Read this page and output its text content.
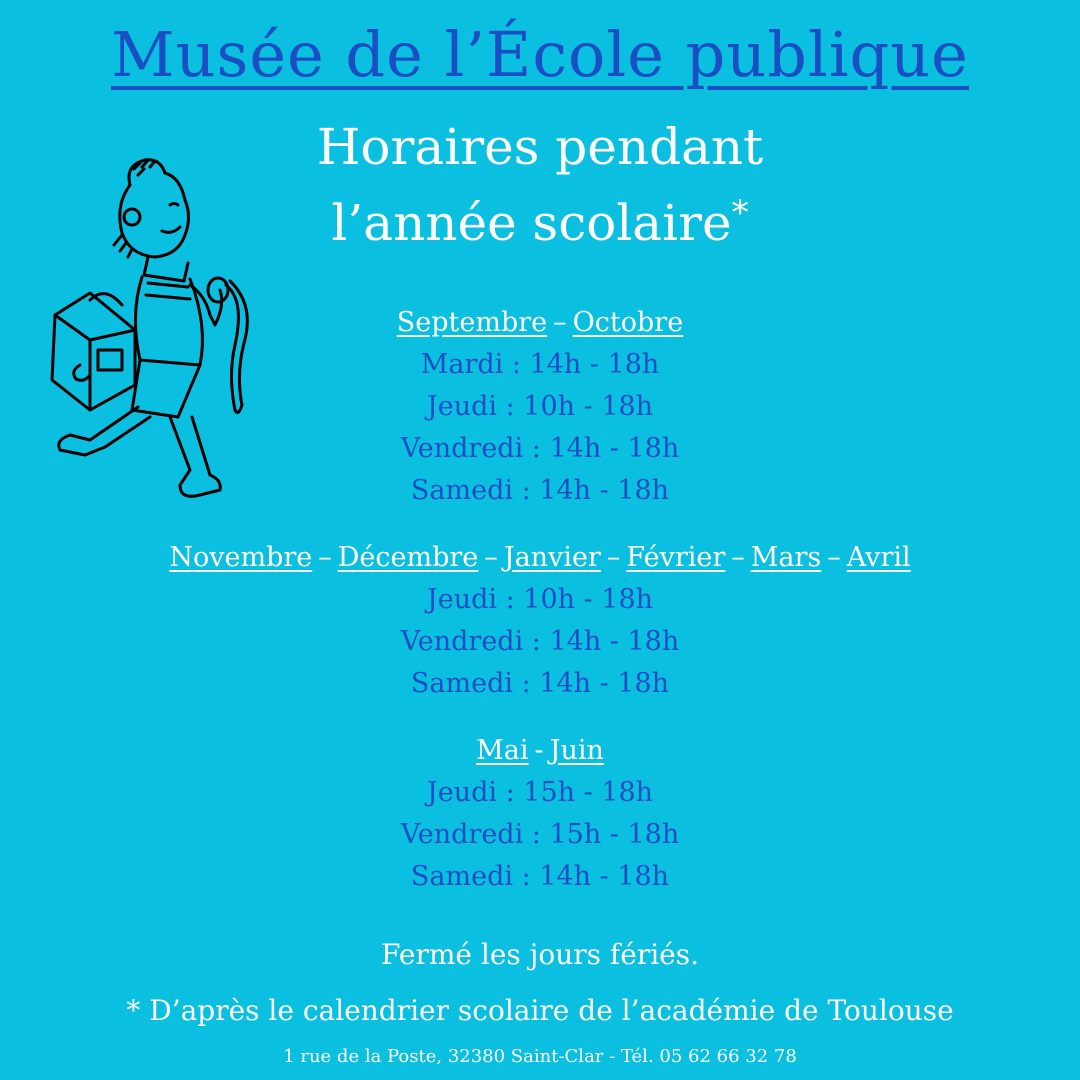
Musée de l’École publique
Horaires pendant
l’année scolaire*
Septembre – Octobre
Mardi : 14h - 18h
Jeudi : 10h - 18h
Vendredi : 14h - 18h
Samedi : 14h - 18h
Novembre – Décembre – Janvier – Février – Mars – Avril
Jeudi : 10h - 18h
Vendredi : 14h - 18h
Samedi : 14h - 18h
Mai - Juin
Jeudi : 15h - 18h
Vendredi : 15h - 18h
Samedi : 14h - 18h
Fermé les jours fériés.
* D’après le calendrier scolaire de l’académie de Toulouse
1 rue de la Poste, 32380 Saint-Clar - Tél. 05 62 66 32 78
